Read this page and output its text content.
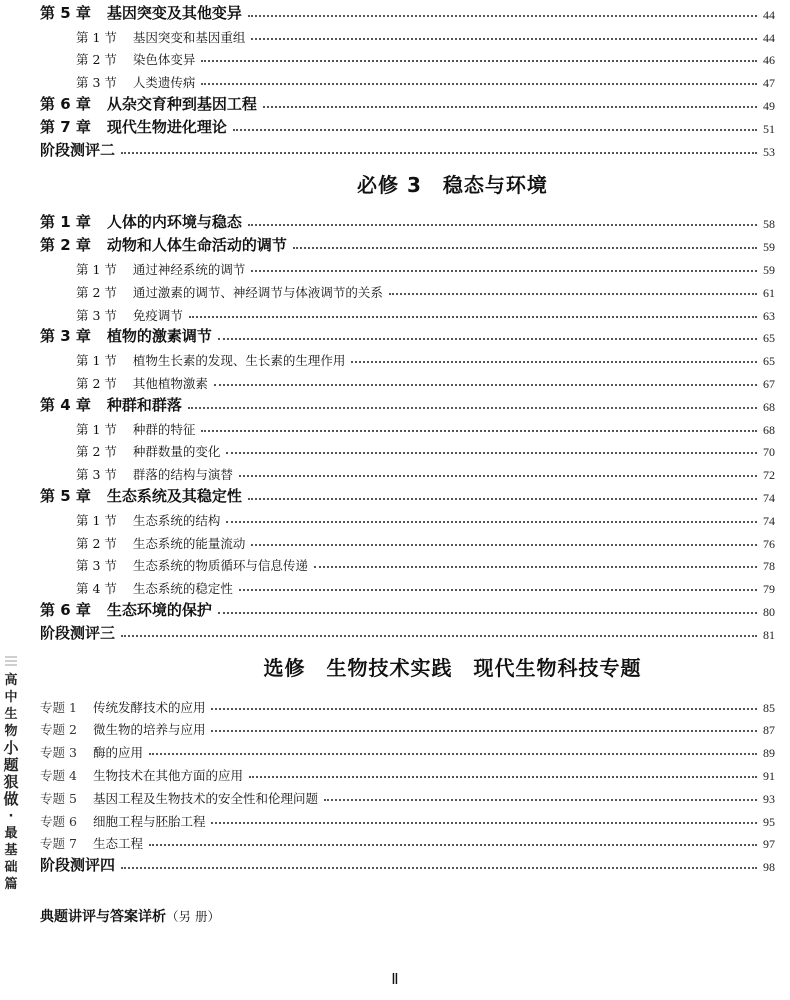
第 5 章 基因突变及其他变异	44
第 1 节 基因突变和基因重组	44
第 2 节 染色体变异	46
第 3 节 人类遗传病	47
第 6 章 从杂交育种到基因工程	49
第 7 章 现代生物进化理论	51
阶段测评二	53
必修 3　稳态与环境
第 1 章 人体的内环境与稳态	58
第 2 章 动物和人体生命活动的调节	59
第 1 节 通过神经系统的调节	59
第 2 节 通过激素的调节、神经调节与体液调节的关系	61
第 3 节 免疫调节	63
第 3 章 植物的激素调节	65
第 1 节 植物生长素的发现、生长素的生理作用	65
第 2 节 其他植物激素	67
第 4 章 种群和群落	68
第 1 节 种群的特征	68
第 2 节 种群数量的变化	70
第 3 节 群落的结构与演替	72
第 5 章 生态系统及其稳定性	74
第 1 节 生态系统的结构	74
第 2 节 生态系统的能量流动	76
第 3 节 生态系统的物质循环与信息传递	78
第 4 节 生态系统的稳定性	79
第 6 章 生态环境的保护	80
阶段测评三	81
选修　生物技术实践　现代生物科技专题
专题 1 传统发酵技术的应用	85
专题 2 微生物的培养与应用	87
专题 3 酶的应用	89
专题 4 生物技术在其他方面的应用	91
专题 5 基因工程及生物技术的安全性和伦理问题	93
专题 6 细胞工程与胚胎工程	95
专题 7 生态工程	97
阶段测评四	98
典题讲评与答案详析（另 册）
高
中
生
物
小
题
狠
做
·
最
基
础
篇
Ⅱ
